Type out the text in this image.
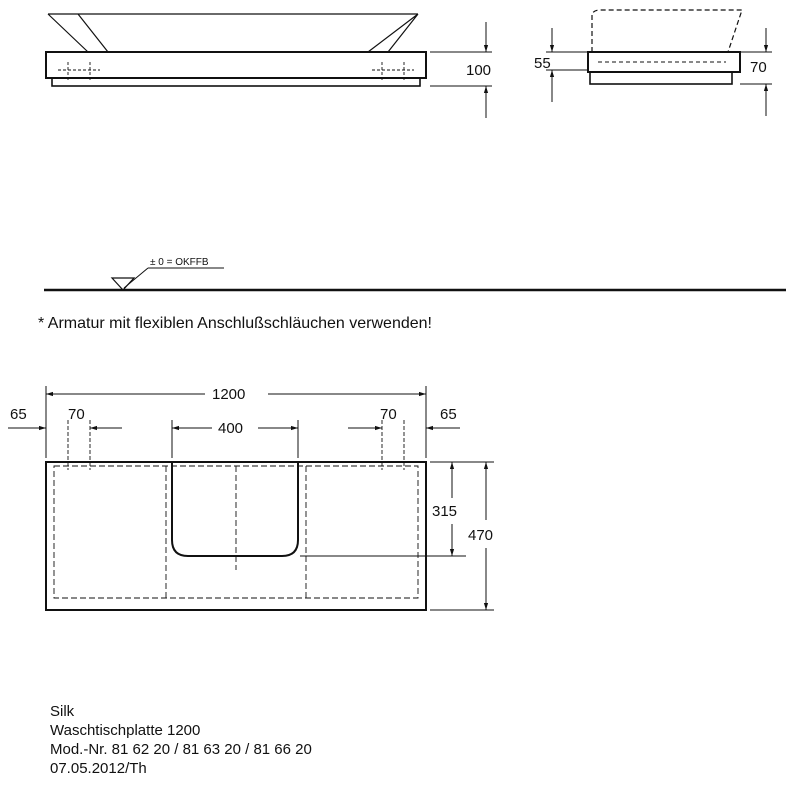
100	55	70
± 0 = OKFFB
1200
65	70
400
70	65
315
470
* Armatur mit flexiblen Anschlußschläuchen verwenden!
Silk
Waschtischplatte 1200
Mod.-Nr. 81 62 20 / 81 63 20 / 81 66 20
07.05.2012/Th
